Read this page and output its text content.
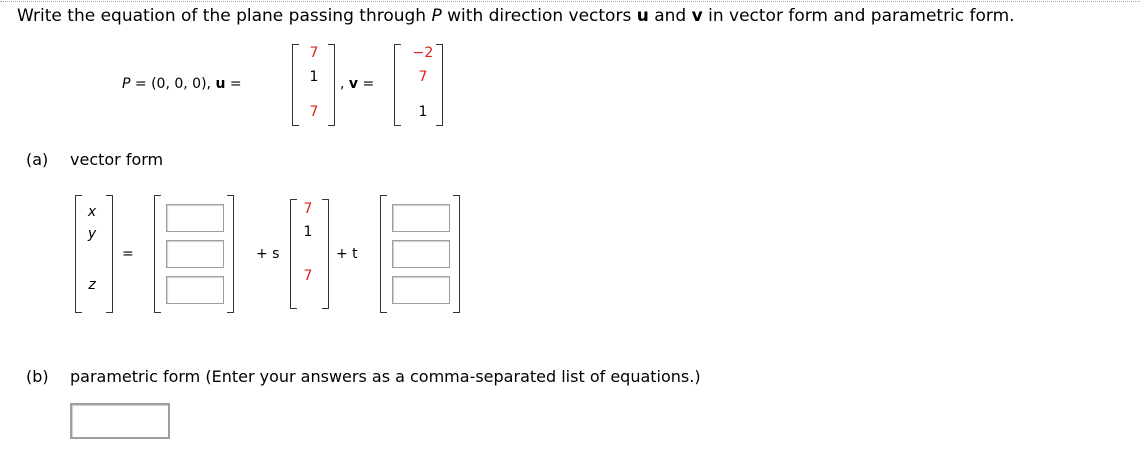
Write the equation of the plane passing through P with direction vectors u and v in vector form and parametric form.
P = (0, 0, 0), u =
7
1
7
, v =
−2
7
1
(a) vector form
x
y
z
=	+ s
7
1
7
+ t
(b) parametric form (Enter your answers as a comma-separated list of equations.)
